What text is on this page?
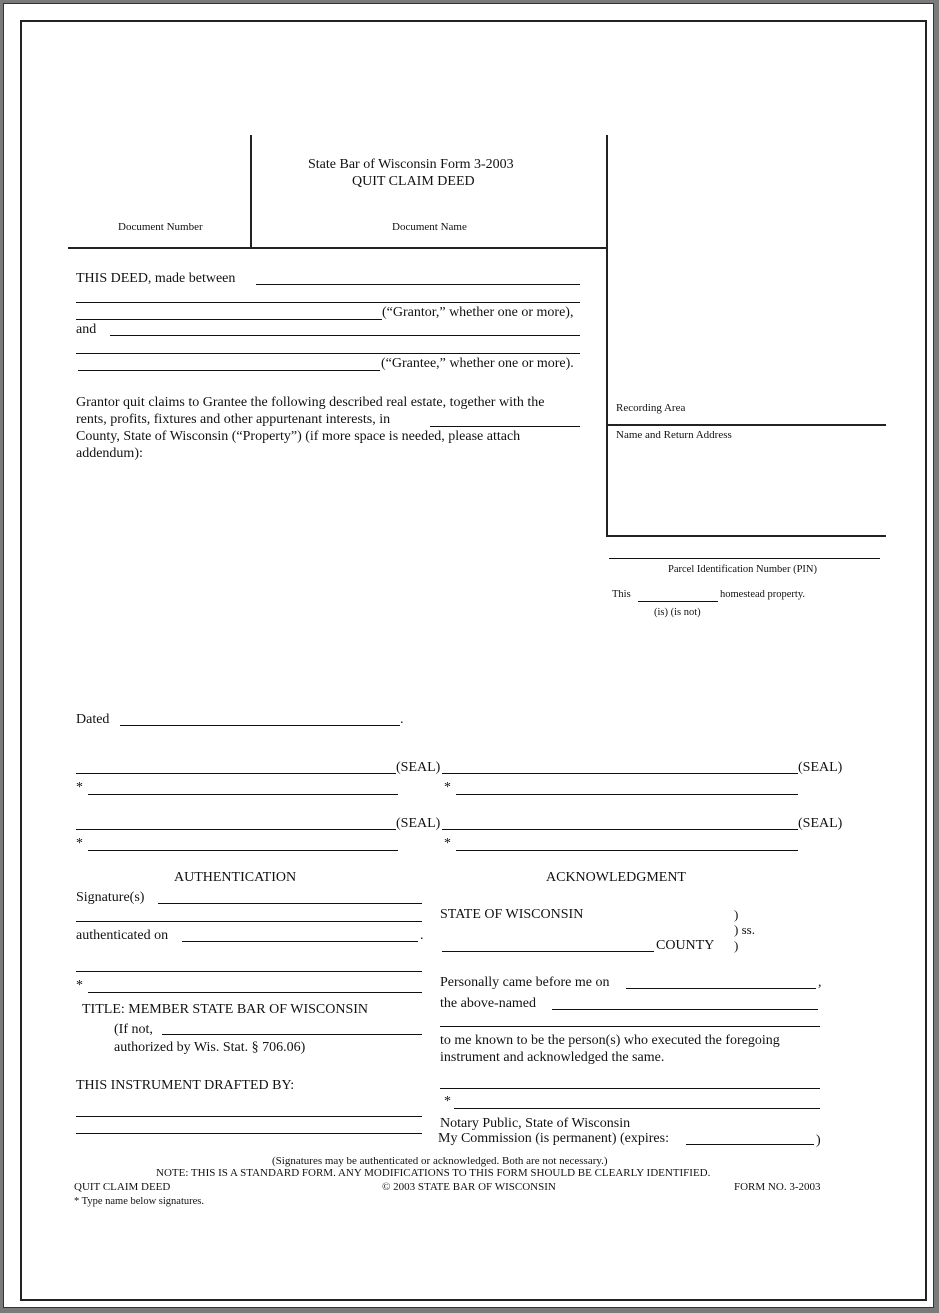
State Bar of Wisconsin Form 3-2003
QUIT CLAIM DEED
Document Number	Document Name
Recording Area
Name and Return Address
Parcel Identification Number (PIN)
This	homestead property.
(is) (is not)
THIS DEED, made between
(“Grantor,” whether one or more),
and
(“Grantee,” whether one or more).
Grantor quit claims to Grantee the following described real estate, together with the
rents, profits, fixtures and other appurtenant interests, in
County, State of Wisconsin (“Property”) (if more space is needed, please attach
addendum):
Dated	.
(SEAL)	(SEAL)
*	*
(SEAL)	(SEAL)
*	*
AUTHENTICATION
Signature(s)
authenticated on	.
*
TITLE: MEMBER STATE BAR OF WISCONSIN
(If not,
authorized by Wis. Stat. § 706.06)
THIS INSTRUMENT DRAFTED BY:
ACKNOWLEDGMENT
STATE OF WISCONSIN	)
) ss.
COUNTY )
Personally came before me on	,
the above-named
to me known to be the person(s) who executed the foregoing
instrument and acknowledged the same.
*
Notary Public, State of Wisconsin
My Commission (is permanent) (expires:	)
(Signatures may be authenticated or acknowledged. Both are not necessary.)
NOTE: THIS IS A STANDARD FORM. ANY MODIFICATIONS TO THIS FORM SHOULD BE CLEARLY IDENTIFIED.
QUIT CLAIM DEED	© 2003 STATE BAR OF WISCONSIN	FORM NO. 3-2003
* Type name below signatures.
